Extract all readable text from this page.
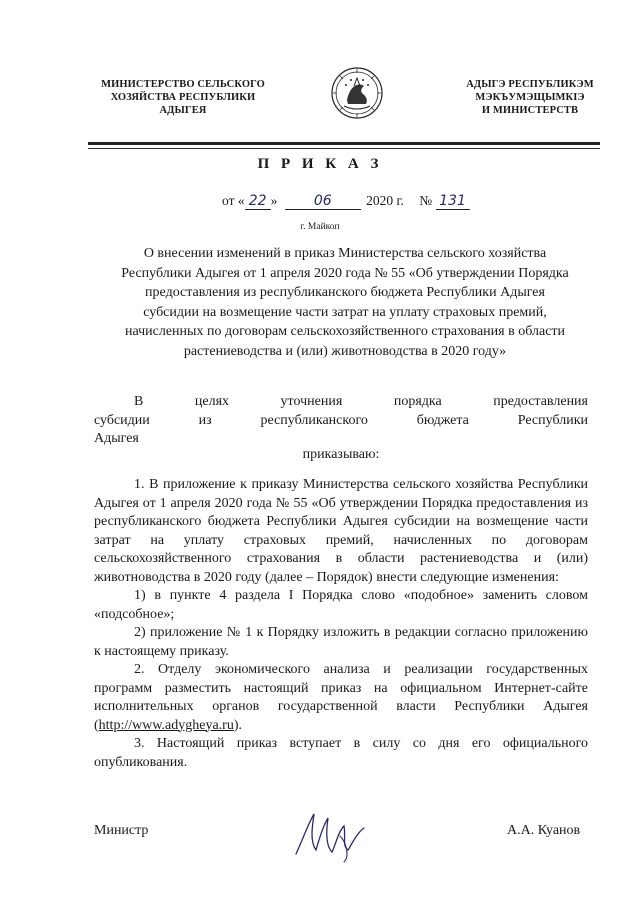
МИНИСТЕРСТВО СЕЛЬСКОГО
ХОЗЯЙСТВА РЕСПУБЛИКИ
АДЫГЕЯ
АДЫГЭ РЕСПУБЛИКЭМ
МЭКЪУМЭЩЫМКIЭ
И МИНИСТЕРСТВ
П Р И К А З
от « 22 »	06	2020 г. № 131
г. Майкоп
О внесении изменений в приказ Министерства сельского хозяйства
Республики Адыгея от 1 апреля 2020 года № 55 «Об утверждении Порядка
предоставления из республиканского бюджета Республики Адыгея
субсидии на возмещение части затрат на уплату страховых премий,
начисленных по договорам сельскохозяйственного страхования в области
растениеводства и (или) животноводства в 2020 году»

В целях уточнения порядка предоставления субсидии из республиканского бюджета Республики Адыгея

приказываю:

1. В приложение к приказу Министерства сельского хозяйства Республики Адыгея от 1 апреля 2020 года № 55 «Об утверждении Порядка предоставления из республиканского бюджета Республики Адыгея субсидии на возмещение части затрат на уплату страховых премий, начисленных по договорам сельскохозяйственного страхования в области растениеводства и (или) животноводства в 2020 году (далее – Порядок) внести следующие изменения:

1) в пункте 4 раздела I Порядка слово «подобное» заменить словом «подсобное»;

2) приложение № 1 к Порядку изложить в редакции согласно приложению к настоящему приказу.

2. Отделу экономического анализа и реализации государственных программ разместить настоящий приказ на официальном Интернет-сайте исполнительных органов государственной власти Республики Адыгея (http://www.adygheya.ru).

3. Настоящий приказ вступает в силу со дня его официального опубликования.

Министр	А.А. Куанов
